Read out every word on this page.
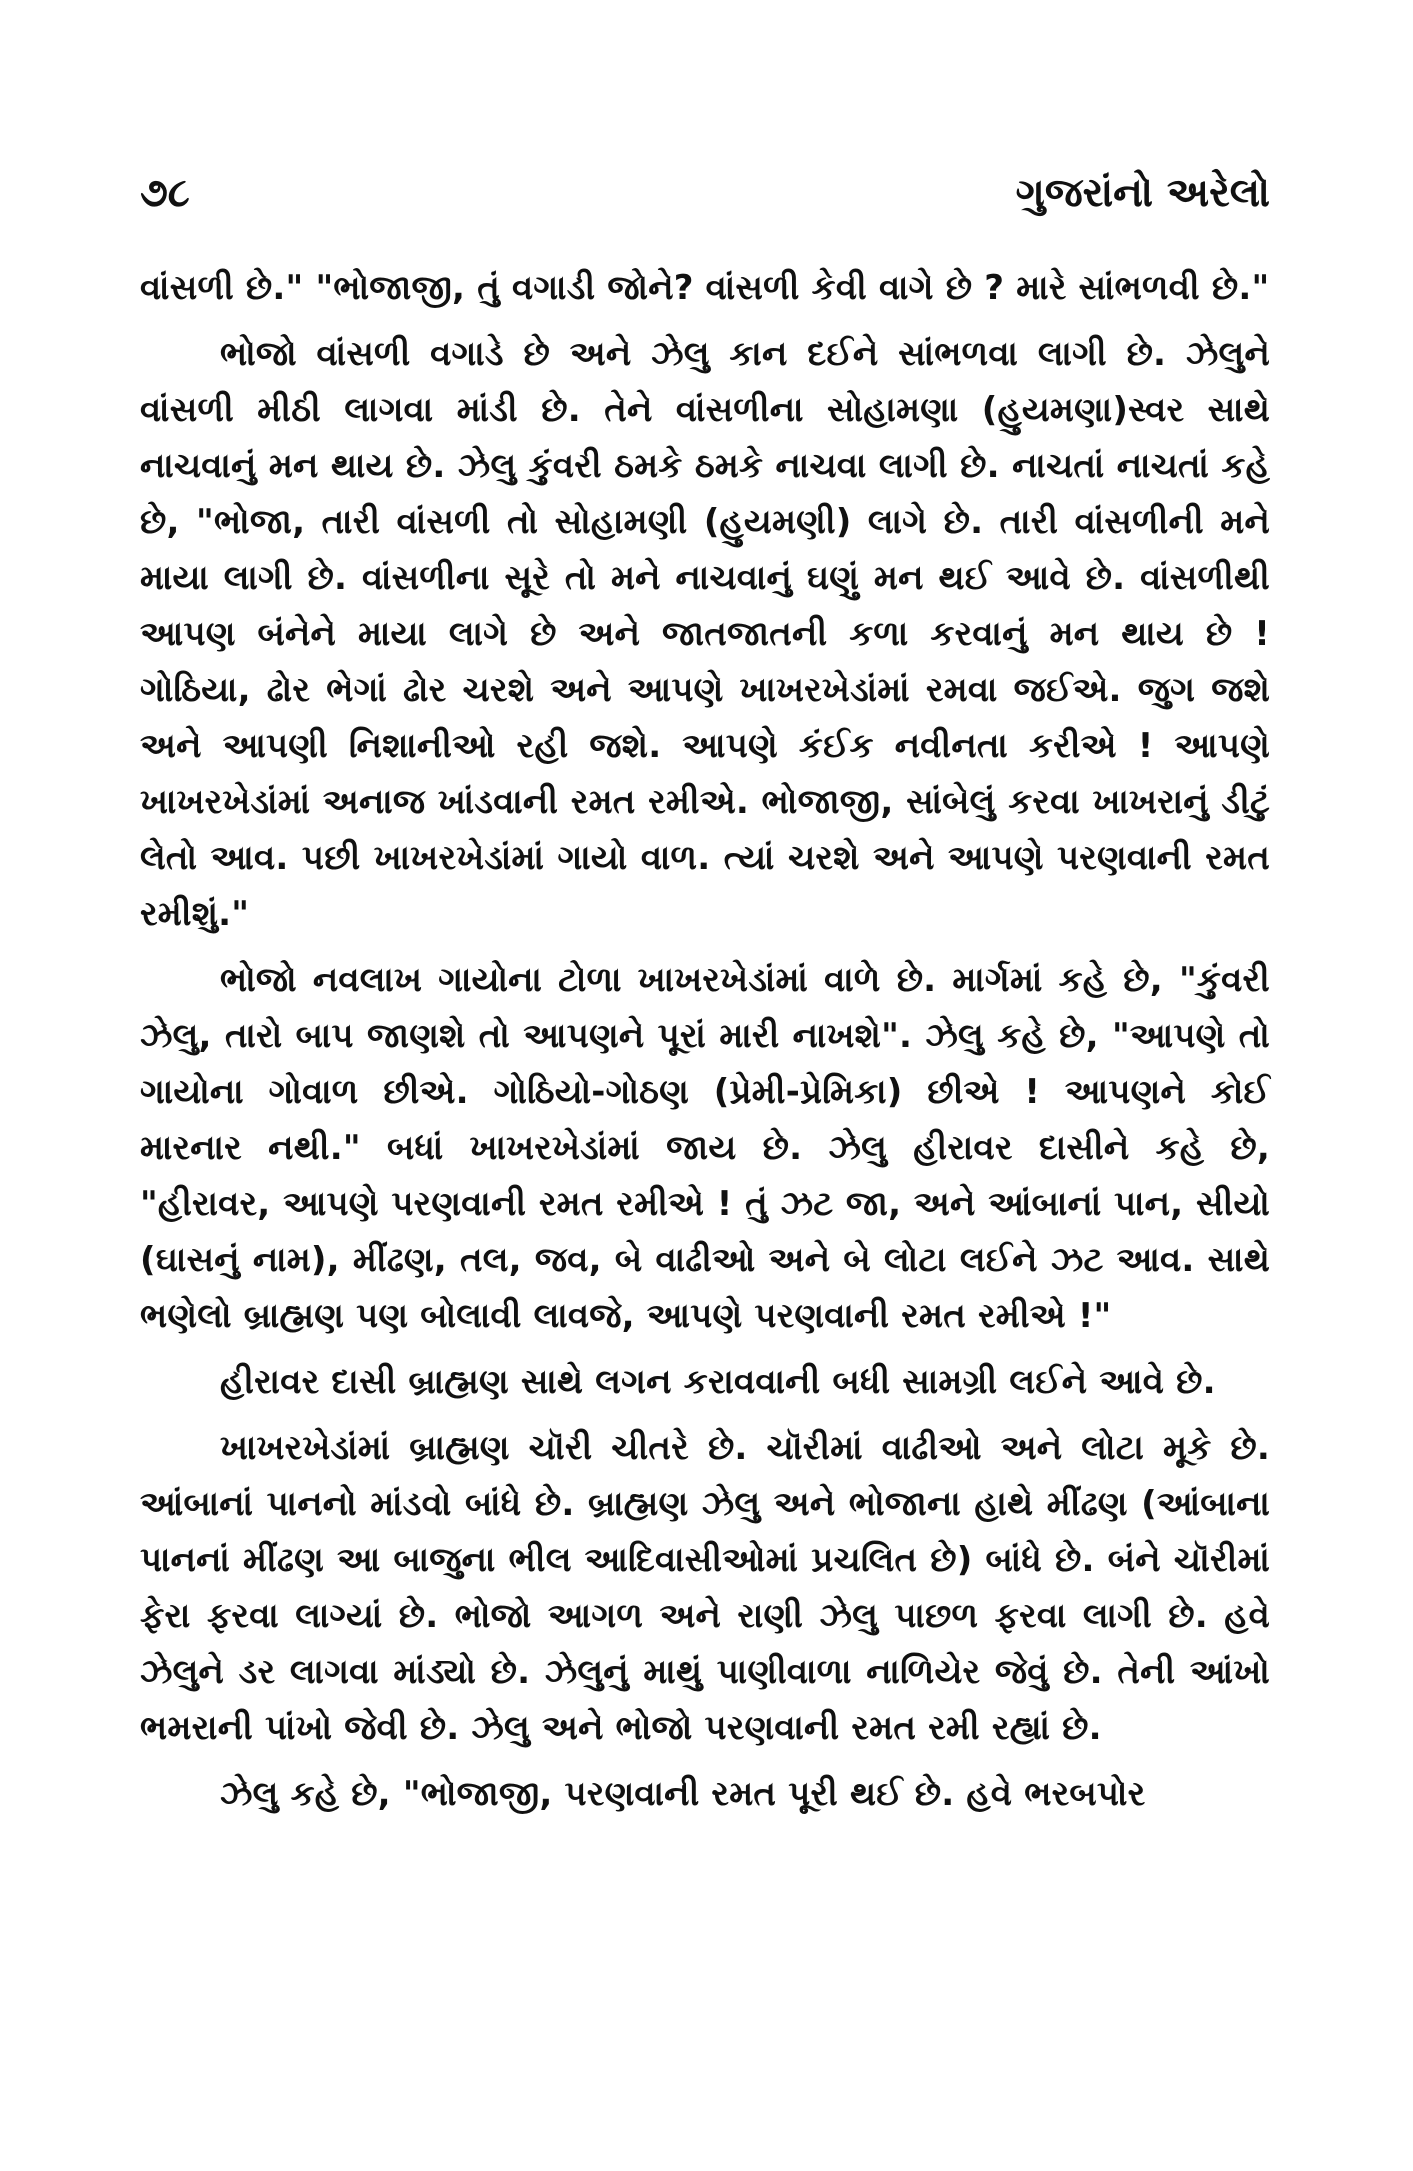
૭૮	ગુજરાંનો અરેલો

વાંસળી છે." "ભોજાજી, તું વગાડી જોને? વાંસળી કેવી વાગે છે ? મારે સાંભળવી છે."

ભોજો વાંસળી વગાડે છે અને ઝેલુ કાન દઈને સાંભળવા લાગી છે. ઝેલુને વાંસળી મીઠી લાગવા માંડી છે. તેને વાંસળીના સોહામણા (હુયમણા)સ્વર સાથે નાચવાનું મન થાય છે. ઝેલુ કુંવરી ઠમકે ઠમકે નાચવા લાગી છે. નાચતાં નાચતાં કહે છે, "ભોજા, તારી વાંસળી તો સોહામણી (હુયમણી) લાગે છે. તારી વાંસળીની મને માયા લાગી છે. વાંસળીના સૂરે તો મને નાચવાનું ઘણું મન થઈ આવે છે. વાંસળીથી આપણ બંનેને માયા લાગે છે અને જાતજાતની કળા કરવાનું મન થાય છે ! ગોઠિયા, ઢોર ભેગાં ઢોર ચરશે અને આપણે ખાખરખેડાંમાં રમવા જઈએ. જુગ જશે અને આપણી નિશાનીઓ રહી જશે. આપણે કંઈક નવીનતા કરીએ ! આપણે ખાખરખેડાંમાં અનાજ ખાંડવાની રમત રમીએ. ભોજાજી, સાંબેલું કરવા ખાખરાનું ડીટું લેતો આવ. પછી ખાખરખેડાંમાં ગાયો વાળ. ત્યાં ચરશે અને આપણે પરણવાની રમત રમીશું."

ભોજો નવલાખ ગાયોના ટોળા ખાખરખેડાંમાં વાળે છે. માર્ગમાં કહે છે, "કુંવરી ઝેલુ, તારો બાપ જાણશે તો આપણને પૂરાં મારી નાખશે". ઝેલુ કહે છે, "આપણે તો ગાયોના ગોવાળ છીએ. ગોઠિયો-ગોઠણ (પ્રેમી-પ્રેમિકા) છીએ ! આપણને કોઈ મારનાર નથી." બધાં ખાખરખેડાંમાં જાય છે. ઝેલુ હીરાવર દાસીને કહે છે, "હીરાવર, આપણે પરણવાની રમત રમીએ ! તું ઝટ જા, અને આંબાનાં પાન, સીયો (ઘાસનું નામ), મીંઢણ, તલ, જવ, બે વાઢીઓ અને બે લોટા લઈને ઝટ આવ. સાથે ભણેલો બ્રાહ્મણ પણ બોલાવી લાવજે, આપણે પરણવાની રમત રમીએ !"

હીરાવર દાસી બ્રાહ્મણ સાથે લગન કરાવવાની બધી સામગ્રી લઈને આવે છે.

ખાખરખેડાંમાં બ્રાહ્મણ ચૉરી ચીતરે છે. ચૉરીમાં વાઢીઓ અને લોટા મૂકે છે. આંબાનાં પાનનો માંડવો બાંધે છે. બ્રાહ્મણ ઝેલુ અને ભોજાના હાથે મીંઢણ (આંબાના પાનનાં મીંઢણ આ બાજુના ભીલ આદિવાસીઓમાં પ્રચલિત છે) બાંધે છે. બંને ચૉરીમાં ફેરા ફરવા લાગ્યાં છે. ભોજો આગળ અને રાણી ઝેલુ પાછળ ફરવા લાગી છે. હવે ઝેલુને ડર લાગવા માંડ્યો છે. ઝેલુનું માથું પાણીવાળા નાળિયેર જેવું છે. તેની આંખો ભમરાની પાંખો જેવી છે. ઝેલુ અને ભોજો પરણવાની રમત રમી રહ્યાં છે.

ઝેલુ કહે છે, "ભોજાજી, પરણવાની રમત પૂરી થઈ છે. હવે ભરબપોર
